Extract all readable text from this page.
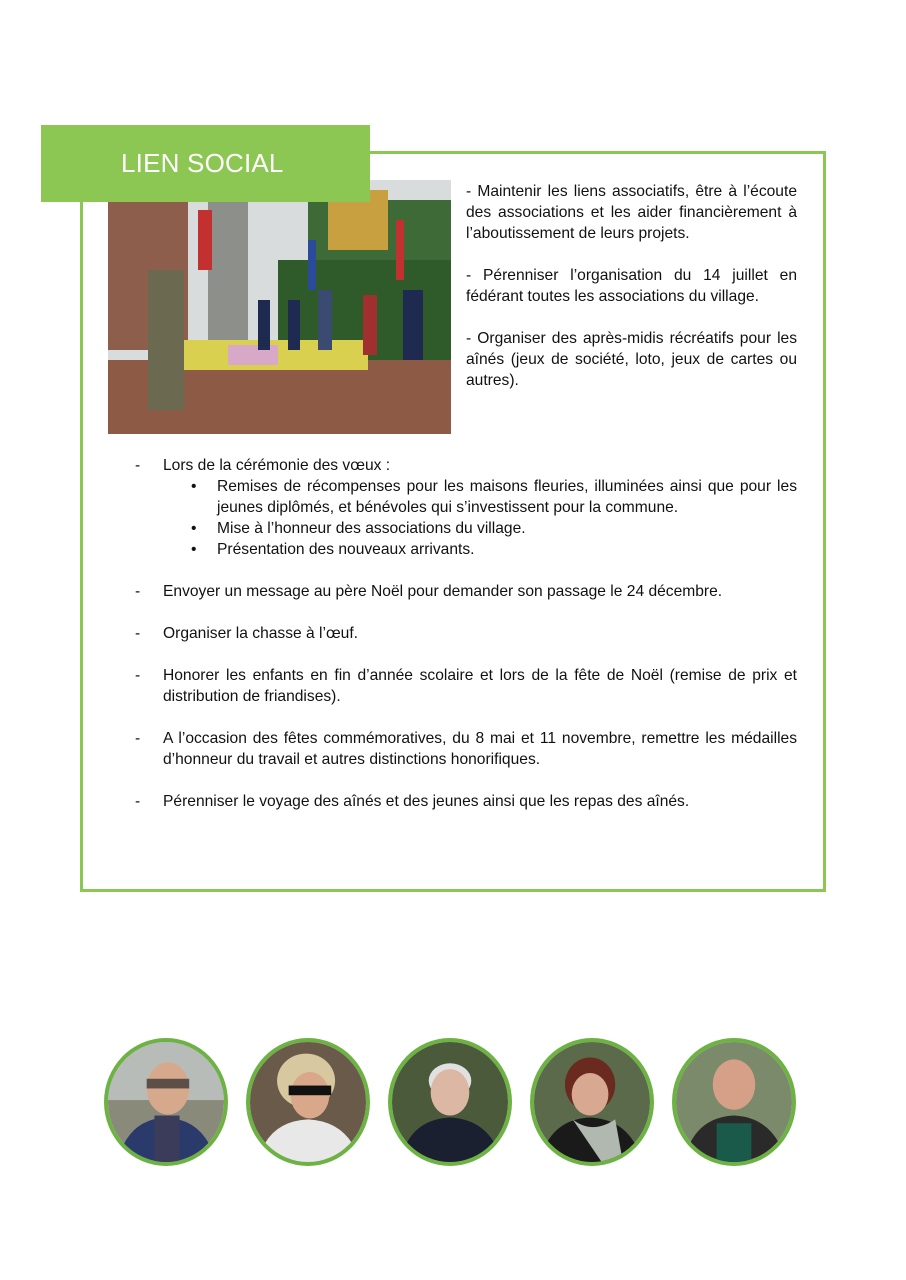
LIEN SOCIAL

- Maintenir les liens associatifs, être à l’écoute des associations et les aider financièrement à l’aboutissement de leurs projets.

- Pérenniser l’organisation du 14 juillet en fédérant toutes les associations du village.

- Organiser des après-midis récréatifs pour les aînés (jeux de société, loto, jeux de cartes ou autres).

- Lors de la cérémonie des vœux :
• Remises de récompenses pour les maisons fleuries, illuminées ainsi que pour les jeunes diplômés, et bénévoles qui s’investissent pour la commune.
• Mise à l’honneur des associations du village.
• Présentation des nouveaux arrivants.
- Envoyer un message au père Noël pour demander son passage le 24 décembre.
- Organiser la chasse à l’œuf.
- Honorer les enfants en fin d’année scolaire et lors de la fête de Noël (remise de prix et distribution de friandises).
- A l’occasion des fêtes commémoratives, du 8 mai et 11 novembre, remettre les médailles d’honneur du travail et autres distinctions honorifiques.
- Pérenniser le voyage des aînés et des jeunes ainsi que les repas des aînés.
